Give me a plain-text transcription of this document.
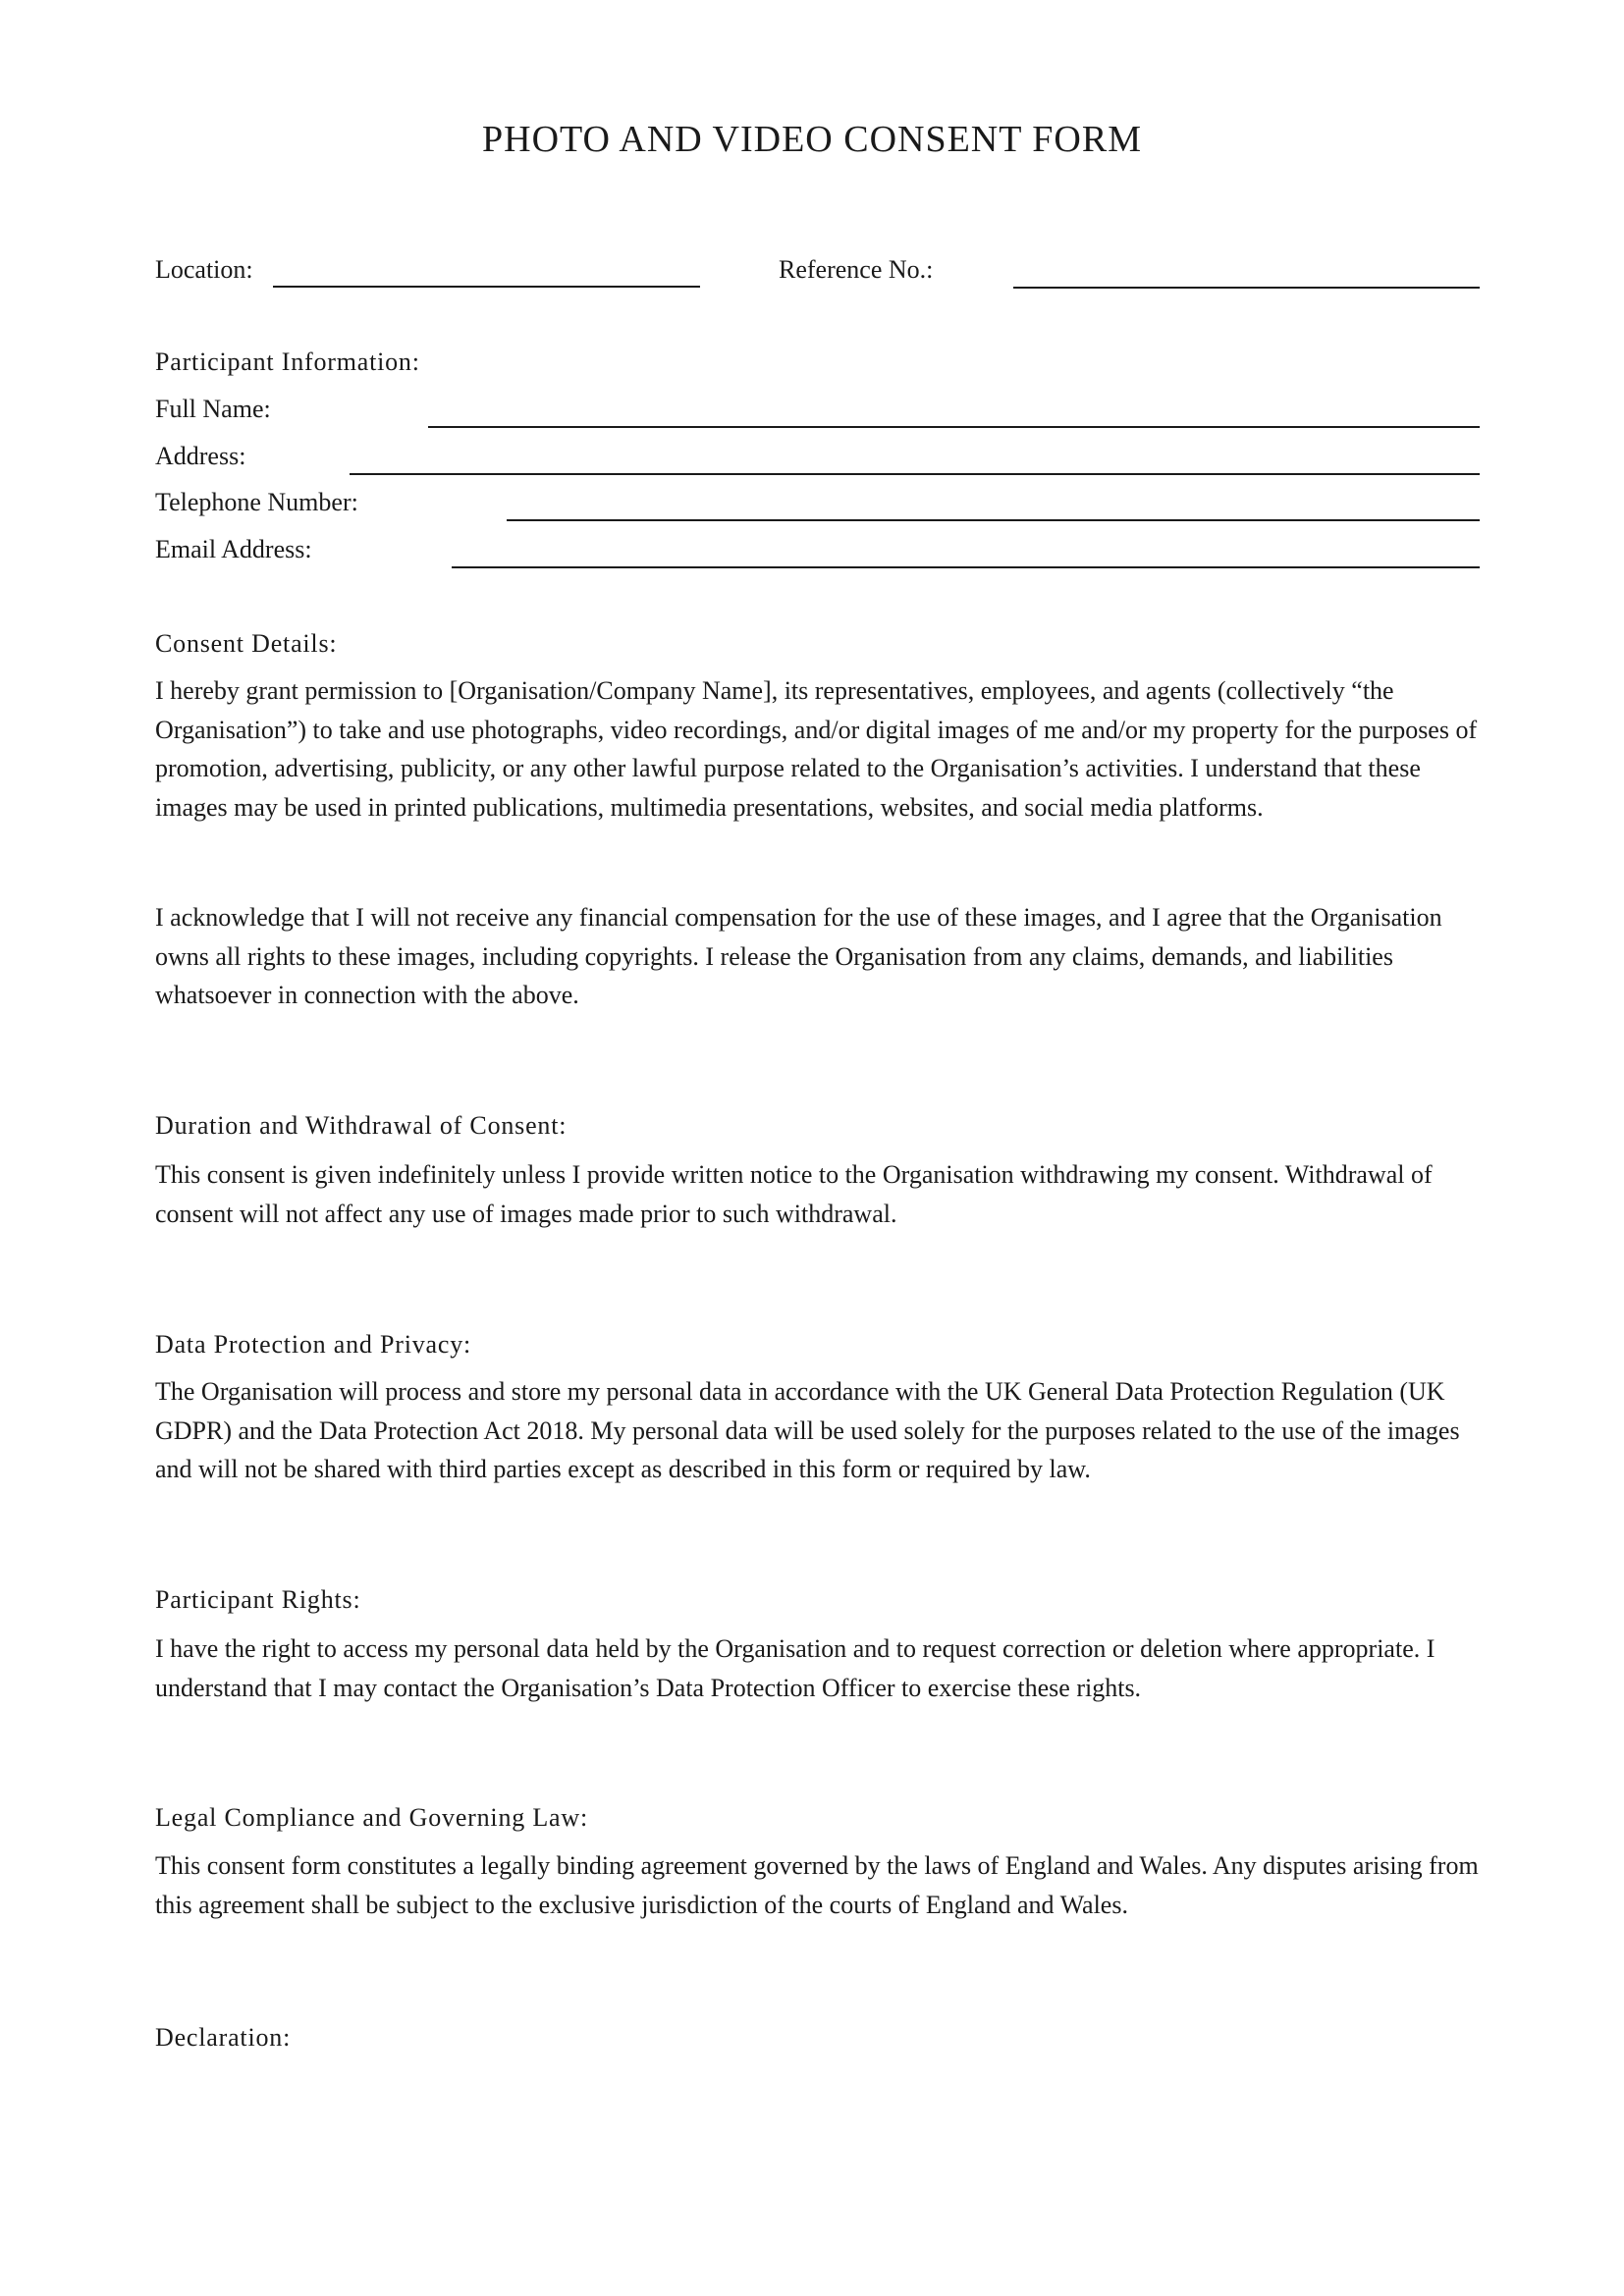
PHOTO AND VIDEO CONSENT FORM
Location:	Reference No.:
Participant Information:
Full Name:
Address:
Telephone Number:
Email Address:
Consent Details:
I hereby grant permission to [Organisation/Company Name], its representatives, employees, and agents (collectively “the Organisation”) to take and use photographs, video recordings, and/or digital images of me and/or my property for the purposes of promotion, advertising, publicity, or any other lawful purpose related to the Organisation’s activities. I understand that these images may be used in printed publications, multimedia presentations, websites, and social media platforms.
I acknowledge that I will not receive any financial compensation for the use of these images, and I agree that the Organisation owns all rights to these images, including copyrights. I release the Organisation from any claims, demands, and liabilities whatsoever in connection with the above.
Duration and Withdrawal of Consent:
This consent is given indefinitely unless I provide written notice to the Organisation withdrawing my consent. Withdrawal of consent will not affect any use of images made prior to such withdrawal.
Data Protection and Privacy:
The Organisation will process and store my personal data in accordance with the UK General Data Protection Regulation (UK GDPR) and the Data Protection Act 2018. My personal data will be used solely for the purposes related to the use of the images and will not be shared with third parties except as described in this form or required by law.
Participant Rights:
I have the right to access my personal data held by the Organisation and to request correction or deletion where appropriate. I understand that I may contact the Organisation’s Data Protection Officer to exercise these rights.
Legal Compliance and Governing Law:
This consent form constitutes a legally binding agreement governed by the laws of England and Wales. Any disputes arising from this agreement shall be subject to the exclusive jurisdiction of the courts of England and Wales.
Declaration:
